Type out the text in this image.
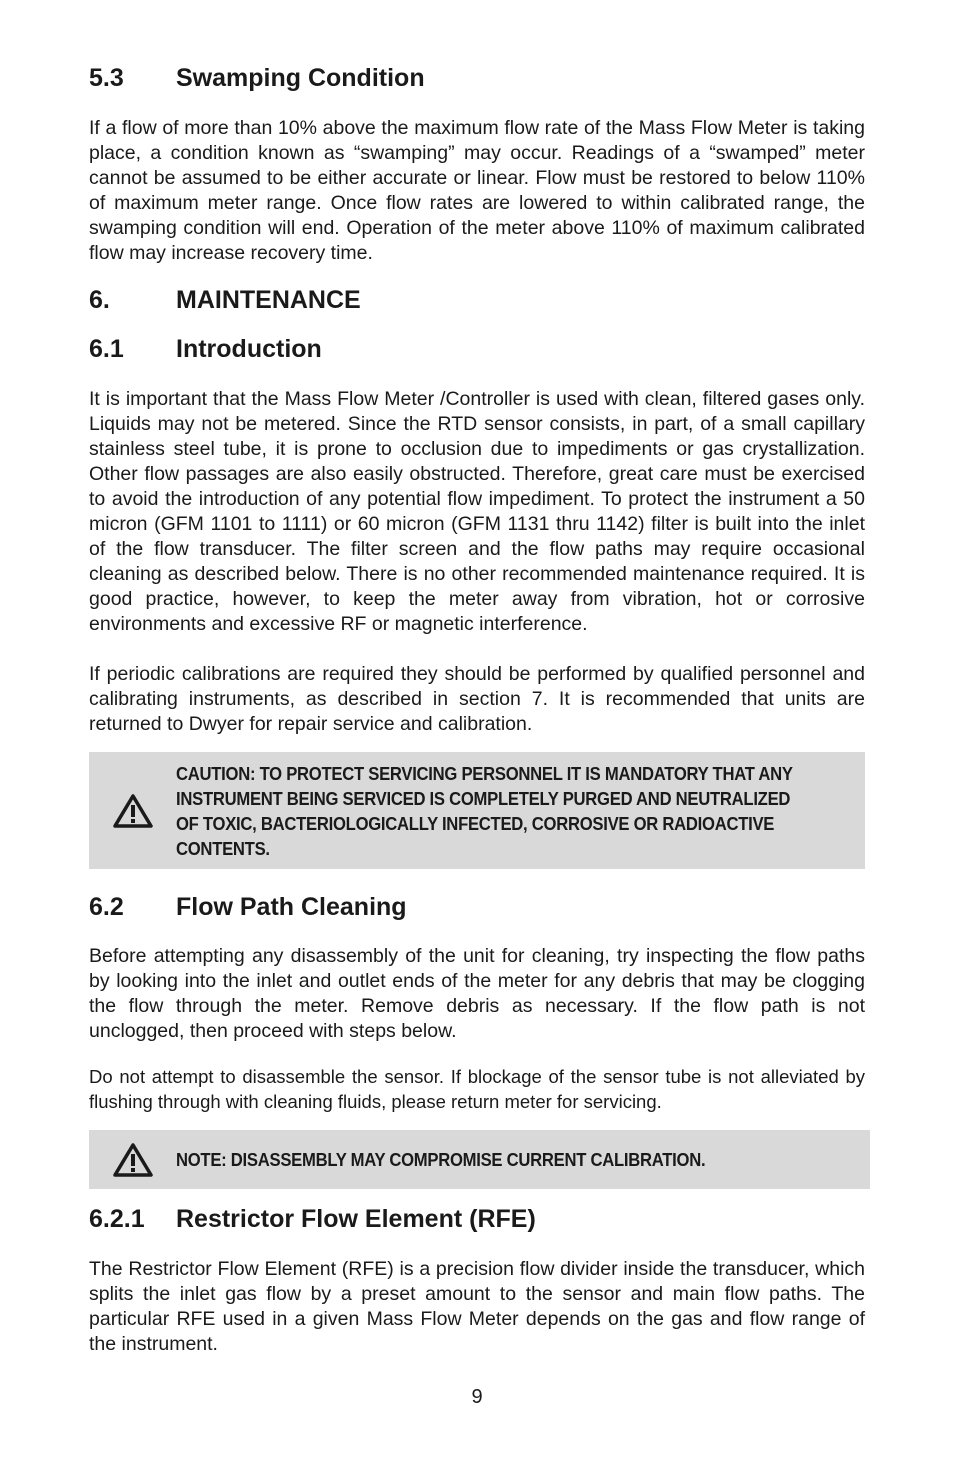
5.3	Swamping Condition

If a flow of more than 10% above the maximum flow rate of the Mass Flow Meter is taking place, a condition known as “swamping” may occur. Readings of a “swamped” meter cannot be assumed to be either accurate or linear. Flow must be restored to below 110% of maximum meter range. Once flow rates are lowered to within calibrated range, the swamping condition will end. Operation of the meter above 110% of maximum calibrated flow may increase recovery time.

6.	MAINTENANCE
6.1	Introduction

It is important that the Mass Flow Meter /Controller is used with clean, filtered gases only. Liquids may not be metered. Since the RTD sensor consists, in part, of a small capillary stainless steel tube, it is prone to occlusion due to impediments or gas crystallization. Other flow passages are also easily obstructed. Therefore, great care must be exercised to avoid the introduction of any potential flow impediment. To protect the instrument a 50 micron (GFM 1101 to 1111) or 60 micron (GFM 1131 thru 1142) filter is built into the inlet of the flow transducer. The filter screen and the flow paths may require occasional cleaning as described below. There is no other recommended maintenance required. It is good practice, however, to keep the meter away from vibration, hot or corrosive environments and excessive RF or magnetic interference.

If periodic calibrations are required they should be performed by qualified personnel and calibrating instruments, as described in section 7. It is recommended that units are returned to Dwyer for repair service and calibration.

CAUTION: TO PROTECT SERVICING PERSONNEL IT IS MANDATORY THAT ANY
INSTRUMENT BEING SERVICED IS COMPLETELY PURGED AND NEUTRALIZED
OF TOXIC, BACTERIOLOGICALLY INFECTED, CORROSIVE OR RADIOACTIVE
CONTENTS.
6.2	Flow Path Cleaning

Before attempting any disassembly of the unit for cleaning, try inspecting the flow paths by looking into the inlet and outlet ends of the meter for any debris that may be clogging the flow through the meter. Remove debris as necessary. If the flow path is not unclogged, then proceed with steps below.

Do not attempt to disassemble the sensor. If blockage of the sensor tube is not alleviated by flushing through with cleaning fluids, please return meter for servicing.

NOTE: DISASSEMBLY MAY COMPROMISE CURRENT CALIBRATION.
6.2.1	Restrictor Flow Element (RFE)

The Restrictor Flow Element (RFE) is a precision flow divider inside the transducer, which splits the inlet gas flow by a preset amount to the sensor and main flow paths. The particular RFE used in a given Mass Flow Meter depends on the gas and flow range of the instrument.

9
